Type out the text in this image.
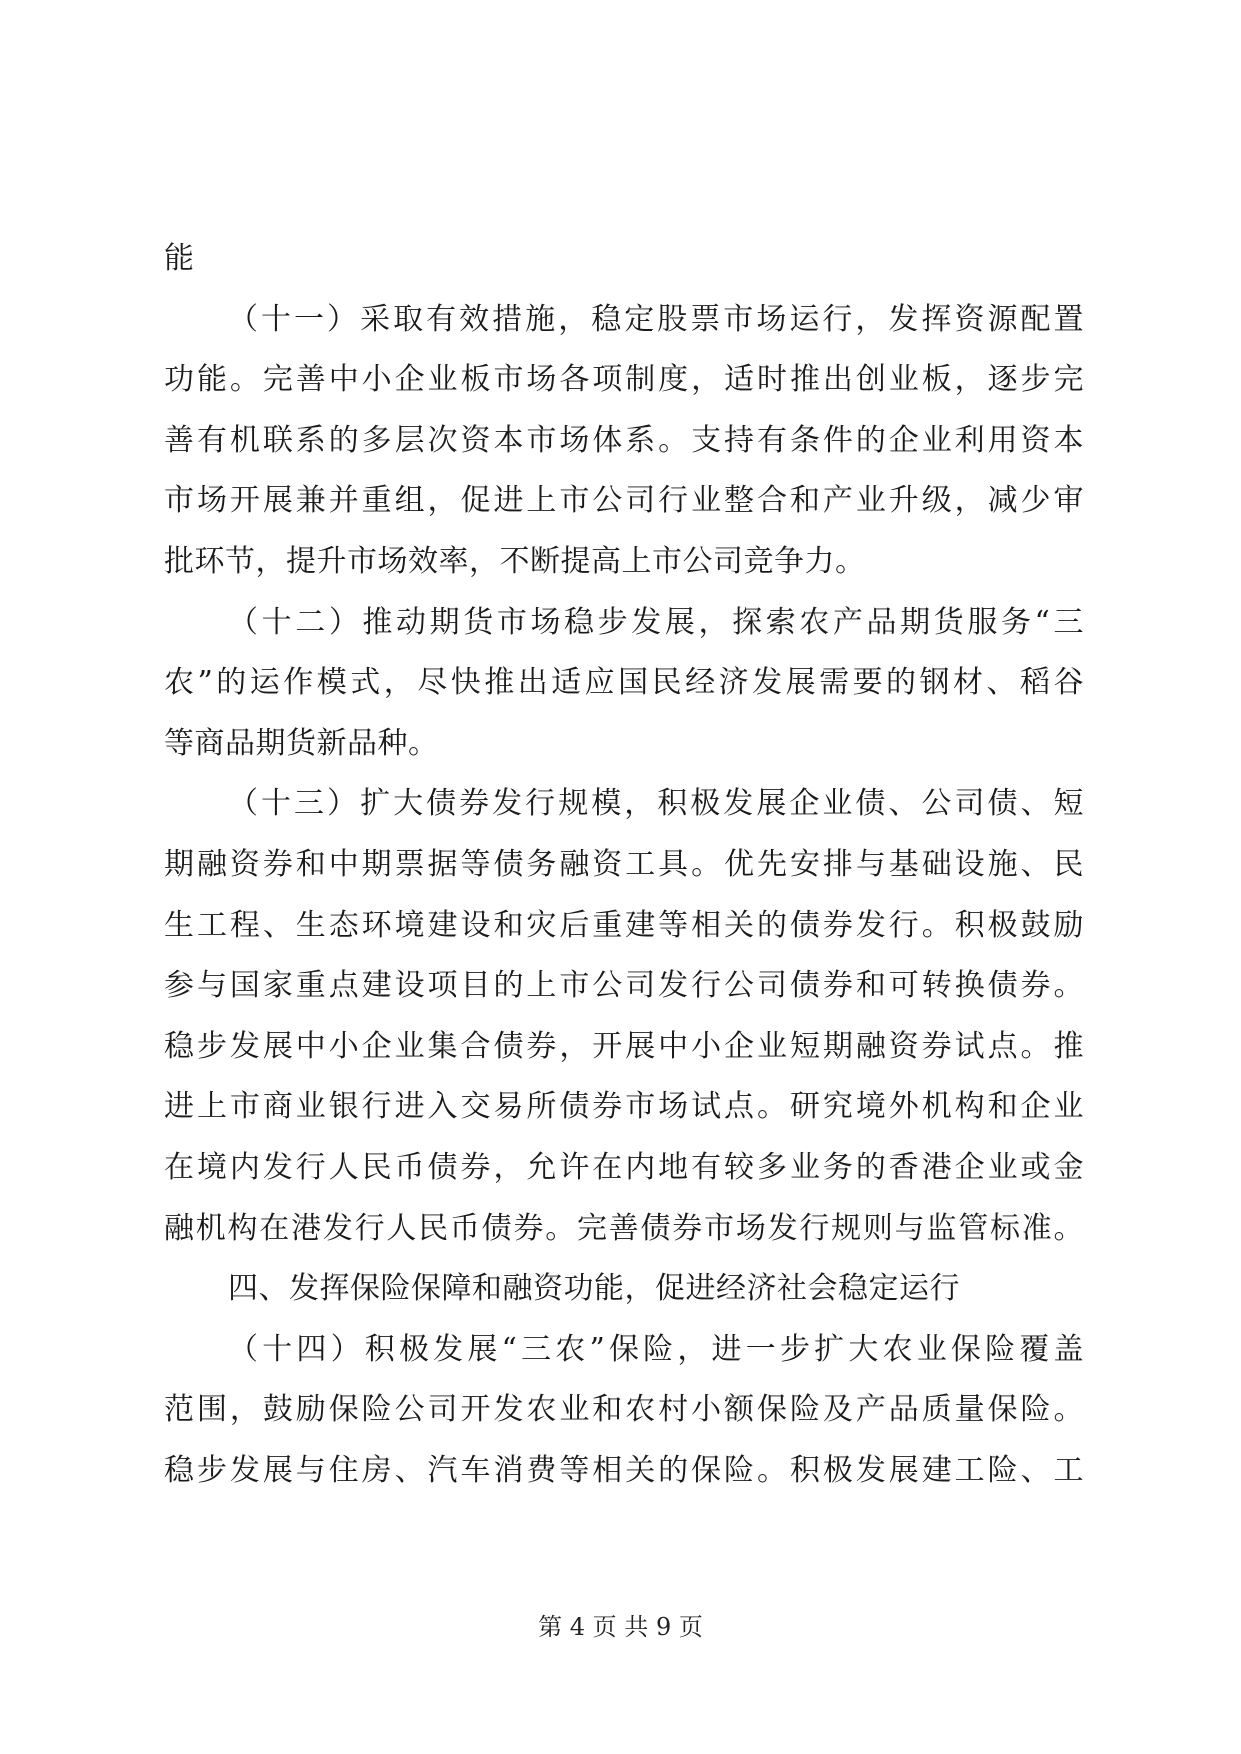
能
（十一）采取有效措施，稳定股票市场运行，发挥资源配置
功能。完善中小企业板市场各项制度，适时推出创业板，逐步完
善有机联系的多层次资本市场体系。支持有条件的企业利用资本
市场开展兼并重组，促进上市公司行业整合和产业升级，减少审
批环节，提升市场效率，不断提高上市公司竞争力。
（十二）推动期货市场稳步发展，探索农产品期货服务“三
农”的运作模式，尽快推出适应国民经济发展需要的钢材、稻谷
等商品期货新品种。
（十三）扩大债券发行规模，积极发展企业债、公司债、短
期融资券和中期票据等债务融资工具。优先安排与基础设施、民
生工程、生态环境建设和灾后重建等相关的债券发行。积极鼓励
参与国家重点建设项目的上市公司发行公司债券和可转换债券。
稳步发展中小企业集合债券，开展中小企业短期融资券试点。推
进上市商业银行进入交易所债券市场试点。研究境外机构和企业
在境内发行人民币债券，允许在内地有较多业务的香港企业或金
融机构在港发行人民币债券。完善债券市场发行规则与监管标准。
四、发挥保险保障和融资功能，促进经济社会稳定运行
（十四）积极发展“三农”保险，进一步扩大农业保险覆盖
范围，鼓励保险公司开发农业和农村小额保险及产品质量保险。
稳步发展与住房、汽车消费等相关的保险。积极发展建工险、工
第 4 页 共 9 页
